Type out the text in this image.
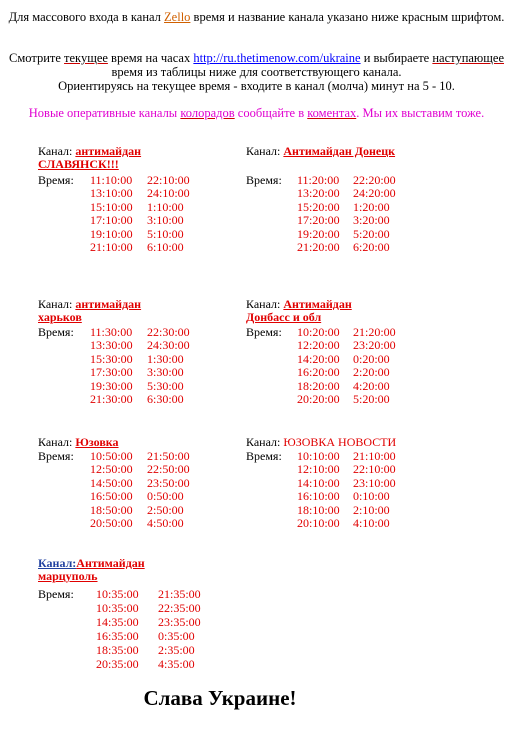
Для массового входа в канал Zello время и название канала указано ниже красным шрифтом.
Смотрите текущее время на часах http://ru.thetimenow.com/ukraine и выбираете наступающее время из таблицы ниже для соответствующего канала.
Ориентируясь на текущее время - входите в канал (молча) минут на 5 - 10.
Новые оперативные каналы колорадов сообщайте в коментах. Мы их выставим тоже.
Канал: антимайдан СЛАВЯНСК!!!
Время: 11:10:00
13:10:00
15:10:00
17:10:00
19:10:00
21:10:00
22:10:00
24:10:00
1:10:00
3:10:00
5:10:00
6:10:00
Канал: Антимайдан Донецк
Время: 11:20:00
13:20:00
15:20:00
17:20:00
19:20:00
21:20:00
22:20:00
24:20:00
1:20:00
3:20:00
5:20:00
6:20:00
Канал: антимайдан харьков
Время: 11:30:00
13:30:00
15:30:00
17:30:00
19:30:00
21:30:00
22:30:00
24:30:00
1:30:00
3:30:00
5:30:00
6:30:00
Канал: Антимайдан Донбасс и обл
Время: 10:20:00
12:20:00
14:20:00
16:20:00
18:20:00
20:20:00
21:20:00
23:20:00
0:20:00
2:20:00
4:20:00
5:20:00
Канал: Юзовка
Время: 10:50:00
12:50:00
14:50:00
16:50:00
18:50:00
20:50:00
21:50:00
22:50:00
23:50:00
0:50:00
2:50:00
4:50:00
Канал: ЮЗОВКА НОВОСТИ
Время: 10:10:00
12:10:00
14:10:00
16:10:00
18:10:00
20:10:00
21:10:00
22:10:00
23:10:00
0:10:00
2:10:00
4:10:00
Канал:Антимайдан марцуполь
Время: 10:35:00
10:35:00
14:35:00
16:35:00
18:35:00
20:35:00
21:35:00
22:35:00
23:35:00
0:35:00
2:35:00
4:35:00
Слава Украине!
